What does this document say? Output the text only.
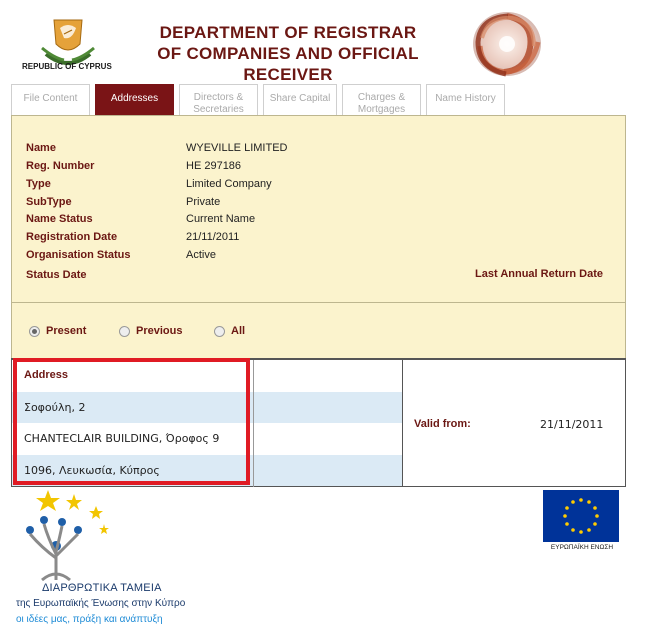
REPUBLIC OF CYPRUS
DEPARTMENT OF REGISTRAR
OF COMPANIES AND OFFICIAL RECEIVER
File Content	Addresses	Directors &
Secretaries
Share Capital	Charges &
Mortgages
Name History
Name	WYEVILLE LIMITED
Reg. Number	HE 297186
Type	Limited Company
SubType	Private
Name Status	Current Name
Registration Date	21/11/2011
Organisation Status	Active
Status Date	Last Annual Return Date
Present	Previous	All
Address
Σοφούλη, 2
CHANTECLAIR BUILDING, Όροφος 9
1096, Λευκωσία, Κύπρος
Valid from:	21/11/2011
ΔΙΑΡΘΡΩΤΙΚΑ ΤΑΜΕΙΑ
της Ευρωπαϊκής Ένωσης στην Κύπρο
οι ιδέες μας, πράξη και ανάπτυξη
ΕΥΡΩΠΑΪΚΗ ΕΝΩΣΗ
